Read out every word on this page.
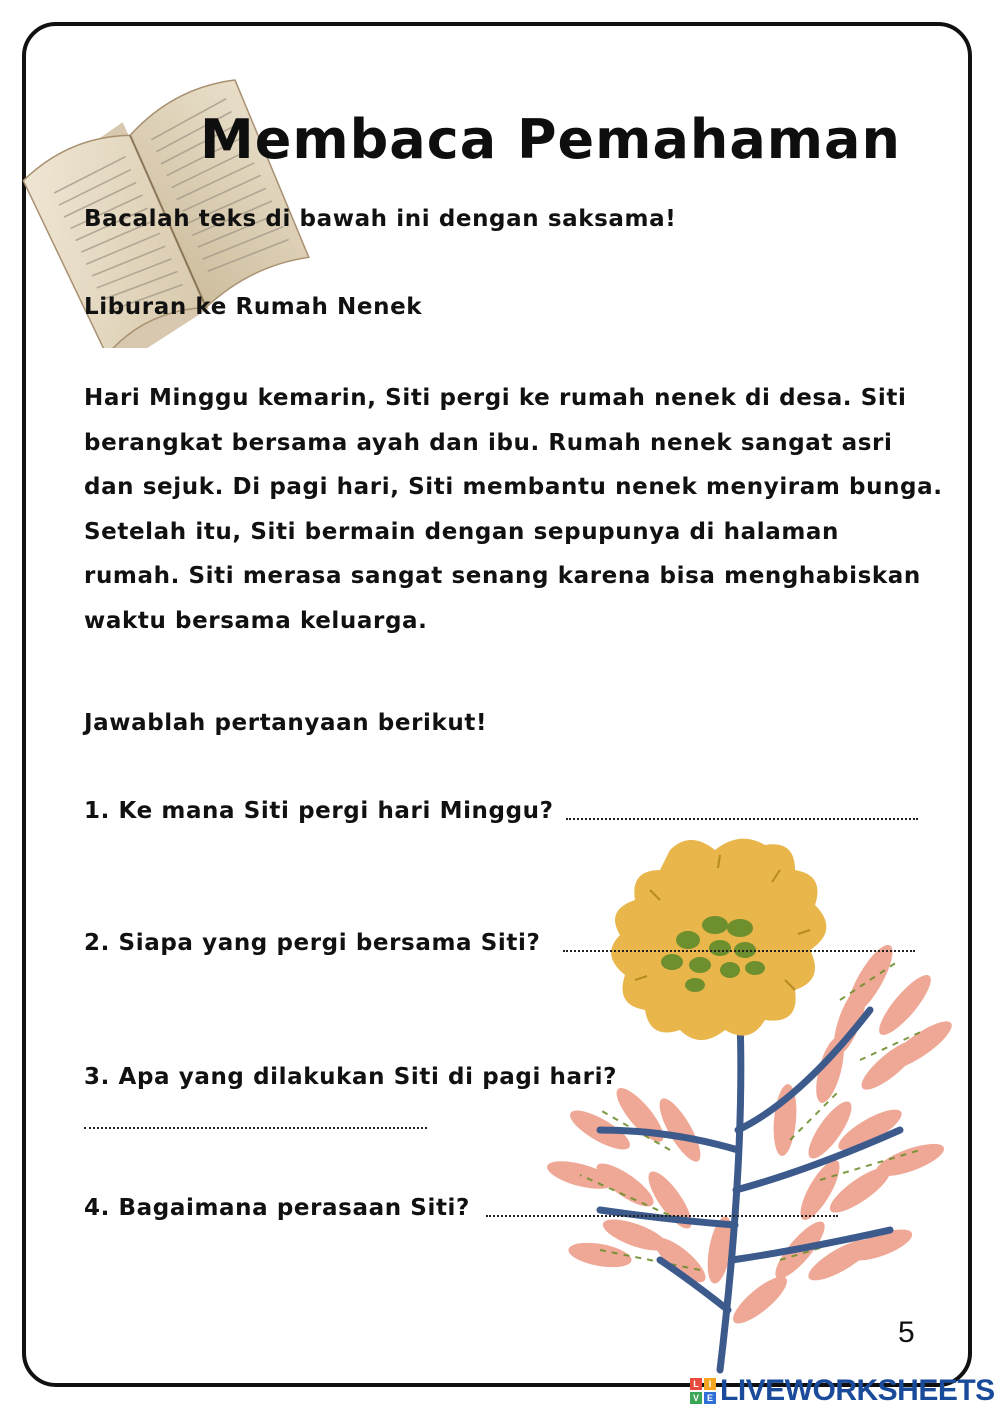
Membaca Pemahaman
Bacalah teks di bawah ini dengan saksama!
Liburan ke Rumah Nenek
Hari Minggu kemarin, Siti pergi ke rumah nenek di desa. Siti
berangkat bersama ayah dan ibu. Rumah nenek sangat asri
dan sejuk. Di pagi hari, Siti membantu nenek menyiram bunga.
Setelah itu, Siti bermain dengan sepupunya di halaman
rumah. Siti merasa sangat senang karena bisa menghabiskan
waktu bersama keluarga.
Jawablah pertanyaan berikut!
1. Ke mana Siti pergi hari Minggu?
2. Siapa yang pergi bersama Siti?
3. Apa yang dilakukan Siti di pagi hari?
4. Bagaimana perasaan Siti?
5
L	I
V E LIVEWORKSHEETS
